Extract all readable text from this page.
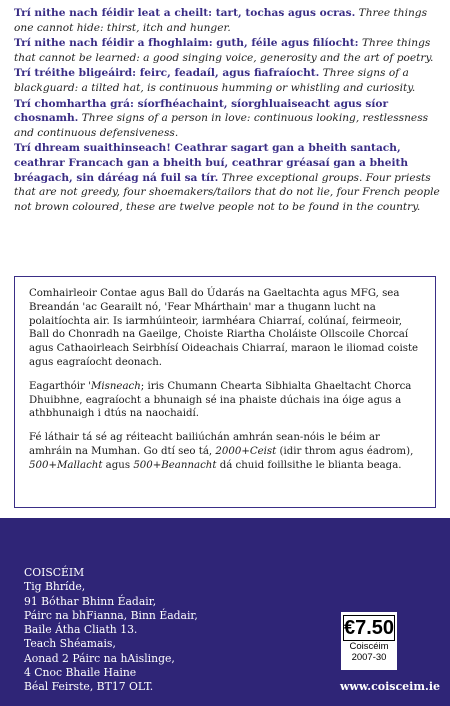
Trí nithe nach féidir leat a cheilt: tart, tochas agus ocras. Three things one cannot hide: thirst, itch and hunger.

Trí nithe nach féidir a fhoghlaim: guth, féile agus filíocht: Three things that cannot be learned: a good singing voice, generosity and the art of poetry.

Trí tréithe bligeáird: feirc, feadaíl, agus fiafraíocht. Three signs of a blackguard: a tilted hat, is continuous humming or whistling and curiosity.

Trí chomhartha grá: síorfhéachaint, síorghluaiseacht agus síor chosnamh. Three signs of a person in love: continuous looking, restlessness and continuous defensiveness.

Trí dhream suaithinseach! Ceathrar sagart gan a bheith santach, ceathrar Francach gan a bheith buí, ceathrar gréasaí gan a bheith bréagach, sin dáréag ná fuil sa tír. Three exceptional groups. Four priests that are not greedy, four shoemakers/tailors that do not lie, four French people not brown coloured, these are twelve people not to be found in the country.

Comhairleoir Contae agus Ball do Údarás na Gaeltachta agus MFG, sea Breandán 'ac Gearailt nó, 'Fear Mhárthain' mar a thugann lucht na polaitíochta air. Is iarmhúinteoir, iarmhéara Chiarraí, colúnaí, feirmeoir, Ball do Chonradh na Gaeilge, Choiste Riartha Choláiste Ollscoile Chorcaí agus Cathaoirleach Seirbhísí Oideachais Chiarraí, maraon le iliomad coiste agus eagraíocht deonach.

Eagarthóir 'Misneach; iris Chumann Chearta Sibhialta Ghaeltacht Chorca Dhuibhne, eagraíocht a bhunaigh sé ina phaiste dúchais ina óige agus a athbhunaigh i dtús na naochaidí.

Fé láthair tá sé ag réiteacht bailiúchán amhrán sean-nóis le béim ar amhráin na Mumhan. Go dtí seo tá, 2000+Ceist (idir throm agus éadrom), 500+Mallacht agus 500+Beannacht dá chuid foillsithe le blianta beaga.

COISCÉIM
Tig Bhríde,
91 Bóthar Bhinn Éadair,
Páirc na bhFianna, Binn Éadair,
Baile Átha Cliath 13.
Teach Shéamais,
Aonad 2 Páirc na hAislinge,
4 Cnoc Bhaile Haine
Béal Feirste, BT17 OLT.
€7.50
Coiscéim
2007-30
www.coisceim.ie
